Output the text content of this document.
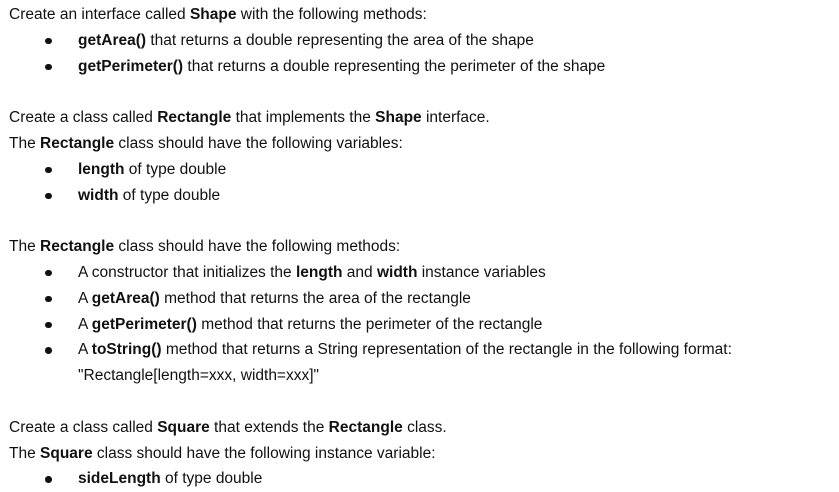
Create an interface called Shape with the following methods:
getArea() that returns a double representing the area of the shape
getPerimeter() that returns a double representing the perimeter of the shape
Create a class called Rectangle that implements the Shape interface.
The Rectangle class should have the following variables:
length of type double
width of type double
The Rectangle class should have the following methods:
A constructor that initializes the length and width instance variables
A getArea() method that returns the area of the rectangle
A getPerimeter() method that returns the perimeter of the rectangle
A toString() method that returns a String representation of the rectangle in the following format:
"Rectangle[length=xxx, width=xxx]"
Create a class called Square that extends the Rectangle class.
The Square class should have the following instance variable:
sideLength of type double
